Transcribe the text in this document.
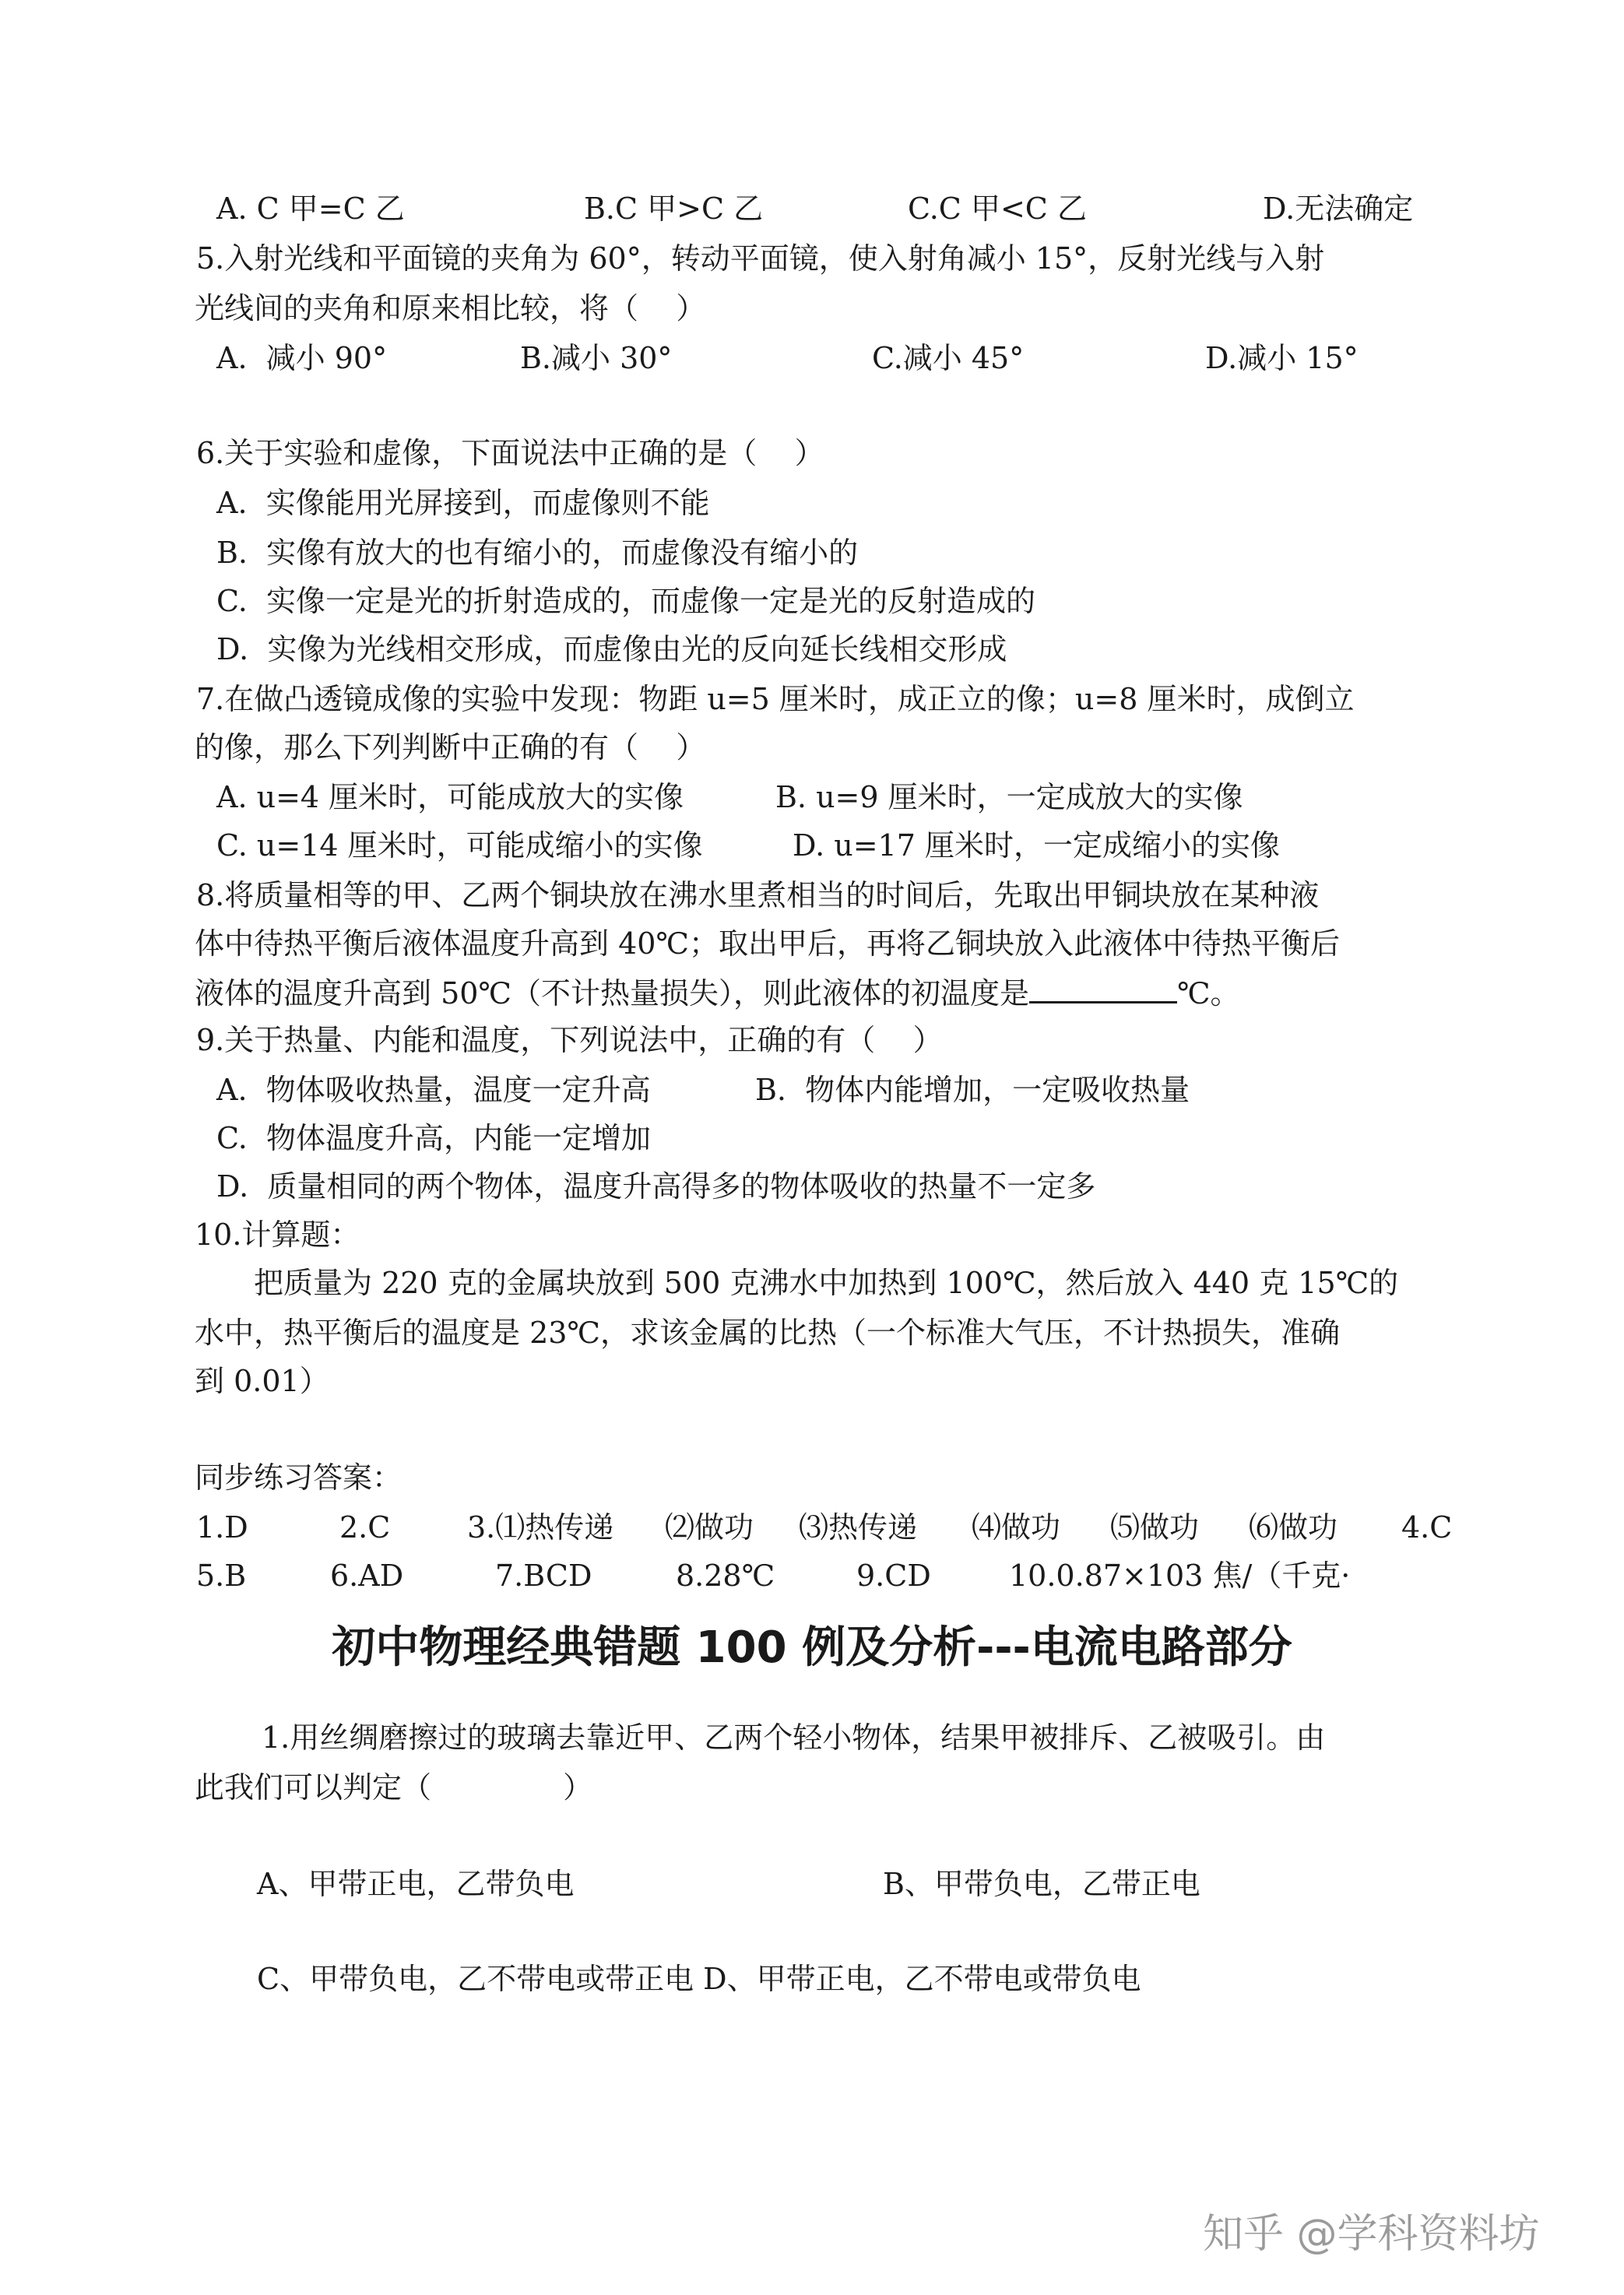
A. C 甲=C 乙	B.C 甲>C 乙	C.C 甲<C 乙	D.无法确定
5.入射光线和平面镜的夹角为 60°，转动平面镜，使入射角减小 15°，反射光线与入射
光线间的夹角和原来相比较，将（    ）
A.  减小 90°	B.减小 30°	C.减小 45°	D.减小 15°
6.关于实验和虚像，下面说法中正确的是（    ）
A.  实像能用光屏接到，而虚像则不能
B.  实像有放大的也有缩小的，而虚像没有缩小的
C.  实像一定是光的折射造成的，而虚像一定是光的反射造成的
D.  实像为光线相交形成，而虚像由光的反向延长线相交形成
7.在做凸透镜成像的实验中发现：物距 u=5 厘米时，成正立的像；u=8 厘米时，成倒立
的像，那么下列判断中正确的有（    ）
A. u=4 厘米时，可能成放大的实像	B. u=9 厘米时，一定成放大的实像
C. u=14 厘米时，可能成缩小的实像	D. u=17 厘米时，一定成缩小的实像
8.将质量相等的甲、乙两个铜块放在沸水里煮相当的时间后，先取出甲铜块放在某种液
体中待热平衡后液体温度升高到 40℃；取出甲后，再将乙铜块放入此液体中待热平衡后
液体的温度升高到 50℃（不计热量损失），则此液体的初温度是	℃。
9.关于热量、内能和温度，下列说法中，正确的有（    ）
A.  物体吸收热量，温度一定升高	B.  物体内能增加，一定吸收热量
C.  物体温度升高，内能一定增加
D.  质量相同的两个物体，温度升高得多的物体吸收的热量不一定多
10.计算题：
把质量为 220 克的金属块放到 500 克沸水中加热到 100℃，然后放入 440 克 15℃的
水中，热平衡后的温度是 23℃，求该金属的比热（一个标准大气压，不计热损失，准确
到 0.01）
同步练习答案：
1.D	2.C	3.⑴热传递 ⑵做功 ⑶热传递 ⑷做功 ⑸做功 ⑹做功 4.C
5.B	6.AD	7.BCD	8.28℃	9.CD	10.0.87×103 焦/（千克·
初中物理经典错题 100 例及分析---电流电路部分
1.用丝绸磨擦过的玻璃去靠近甲、乙两个轻小物体，结果甲被排斥、乙被吸引。由
此我们可以判定（              ）
A、甲带正电，乙带负电	B、甲带负电，乙带正电
C、甲带负电，乙不带电或带正电 D、甲带正电，乙不带电或带负电
知乎 @学科资料坊
